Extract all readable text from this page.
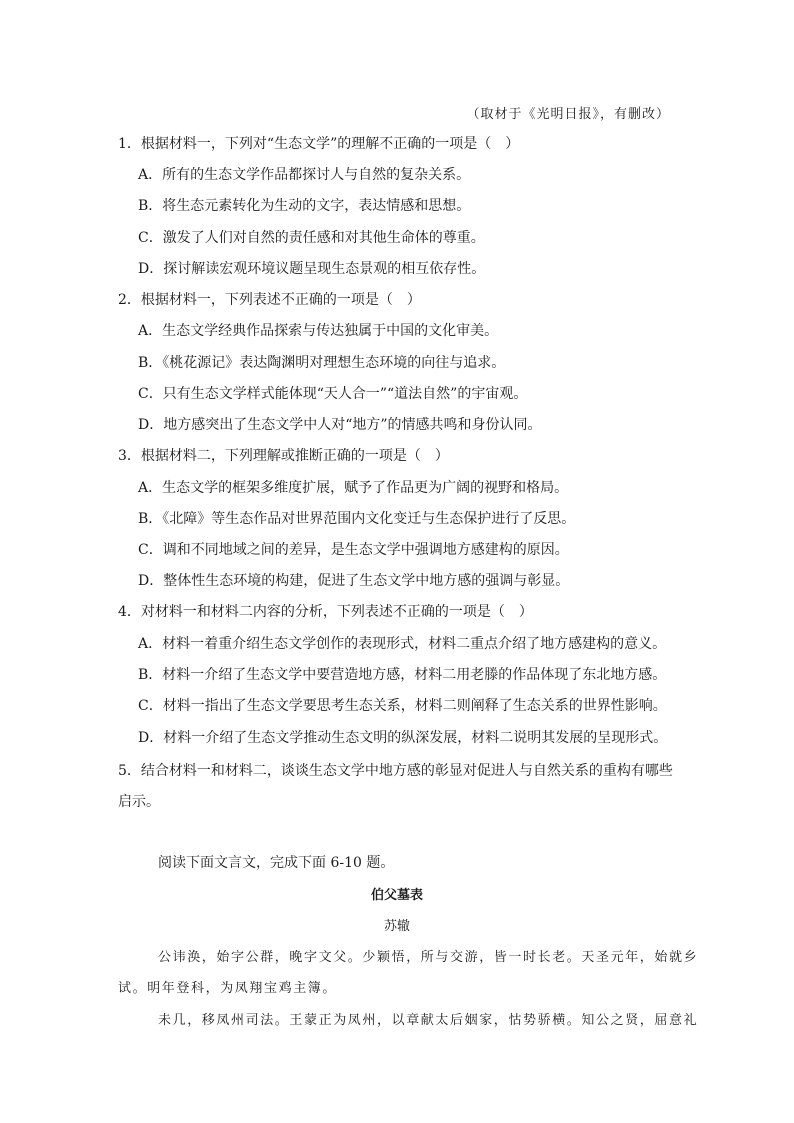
（取材于《光明日报》，有删改）
1．根据材料一，下列对“生态文学”的理解不正确的一项是（　）
A．所有的生态文学作品都探讨人与自然的复杂关系。
B．将生态元素转化为生动的文字，表达情感和思想。
C．激发了人们对自然的责任感和对其他生命体的尊重。
D．探讨解读宏观环境议题呈现生态景观的相互依存性。
2．根据材料一，下列表述不正确的一项是（　）
A．生态文学经典作品探索与传达独属于中国的文化审美。
B．《桃花源记》表达陶渊明对理想生态环境的向往与追求。
C．只有生态文学样式能体现“天人合一”“道法自然”的宇宙观。
D．地方感突出了生态文学中人对“地方”的情感共鸣和身份认同。
3．根据材料二，下列理解或推断正确的一项是（　）
A．生态文学的框架多维度扩展，赋予了作品更为广阔的视野和格局。
B．《北障》等生态作品对世界范围内文化变迁与生态保护进行了反思。
C．调和不同地域之间的差异，是生态文学中强调地方感建构的原因。
D．整体性生态环境的构建，促进了生态文学中地方感的强调与彰显。
4．对材料一和材料二内容的分析，下列表述不正确的一项是（　）
A．材料一着重介绍生态文学创作的表现形式，材料二重点介绍了地方感建构的意义。
B．材料一介绍了生态文学中要营造地方感，材料二用老滕的作品体现了东北地方感。
C．材料一指出了生态文学要思考生态关系，材料二则阐释了生态关系的世界性影响。
D．材料一介绍了生态文学推动生态文明的纵深发展，材料二说明其发展的呈现形式。
5．结合材料一和材料二，谈谈生态文学中地方感的彰显对促进人与自然关系的重构有哪些
启示。
阅读下面文言文，完成下面 6-10 题。
伯父墓表
苏辙
公讳涣，始字公群，晚字文父。少颖悟，所与交游，皆一时长老。天圣元年，始就乡
试。明年登科，为凤翔宝鸡主簿。
未几，移凤州司法。王蒙正为凤州，以章献太后姻家，怙势骄横。知公之贤，屈意礼
